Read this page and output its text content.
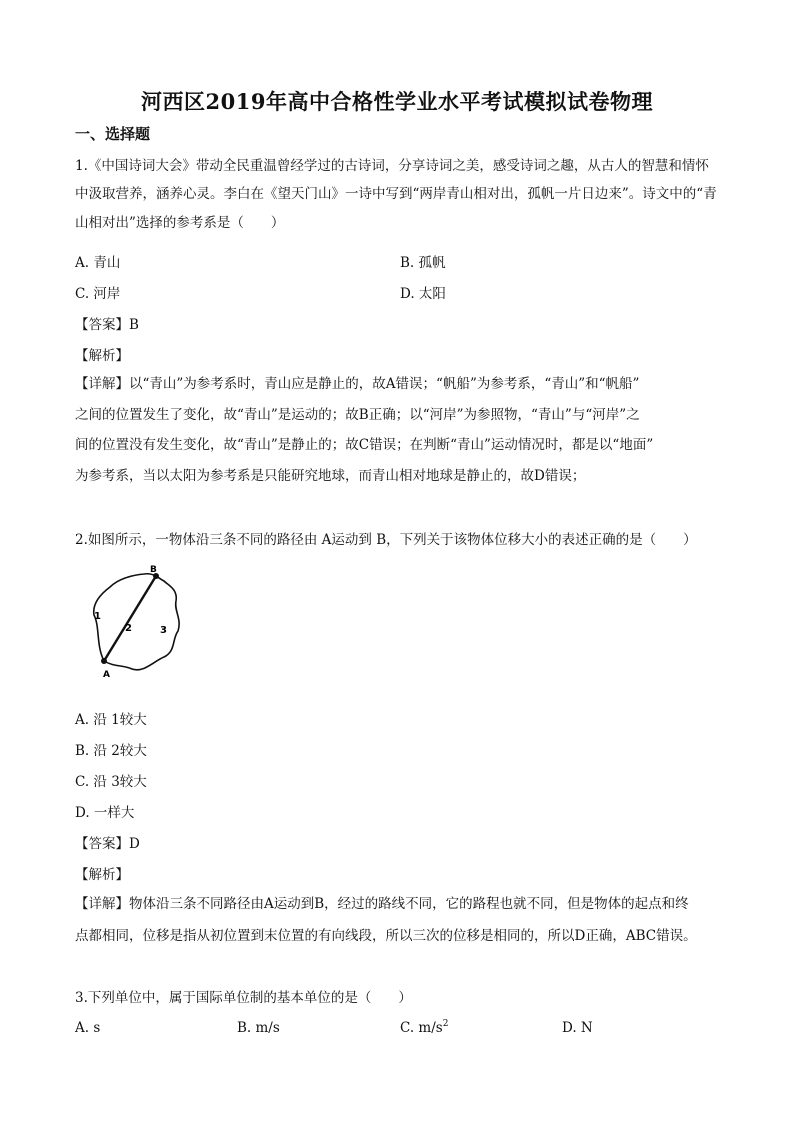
河西区2019年高中合格性学业水平考试模拟试卷物理
一、选择题
1.《中国诗词大会》带动全民重温曾经学过的古诗词，分享诗词之美，感受诗词之趣，从古人的智慧和情怀
中汲取营养，涵养心灵。李白在《望天门山》一诗中写到“两岸青山相对出，孤帆一片日边来”。诗文中的“青
山相对出”选择的参考系是（　　）
A. 青山	B. 孤帆
C. 河岸	D. 太阳
【答案】B
【解析】
【详解】以“青山”为参考系时，青山应是静止的，故A错误；“帆船”为参考系，“青山”和“帆船”
之间的位置发生了变化，故“青山”是运动的；故B正确；以“河岸”为参照物，“青山”与“河岸”之
间的位置没有发生变化，故“青山”是静止的；故C错误；在判断“青山”运动情况时，都是以“地面”
为参考系，当以太阳为参考系是只能研究地球，而青山相对地球是静止的，故D错误；
2.如图所示，一物体沿三条不同的路径由 A运动到 B，下列关于该物体位移大小的表述正确的是（　　）
B
1
2	3
A
A. 沿 1较大
B. 沿 2较大
C. 沿 3较大
D. 一样大
【答案】D
【解析】
【详解】物体沿三条不同路径由A运动到B，经过的路线不同，它的路程也就不同，但是物体的起点和终
点都相同，位移是指从初位置到末位置的有向线段，所以三次的位移是相同的，所以D正确，ABC错误。
3.下列单位中，属于国际单位制的基本单位的是（　　）
A. s	B. m/s	C. $m/s^2$	D. N
